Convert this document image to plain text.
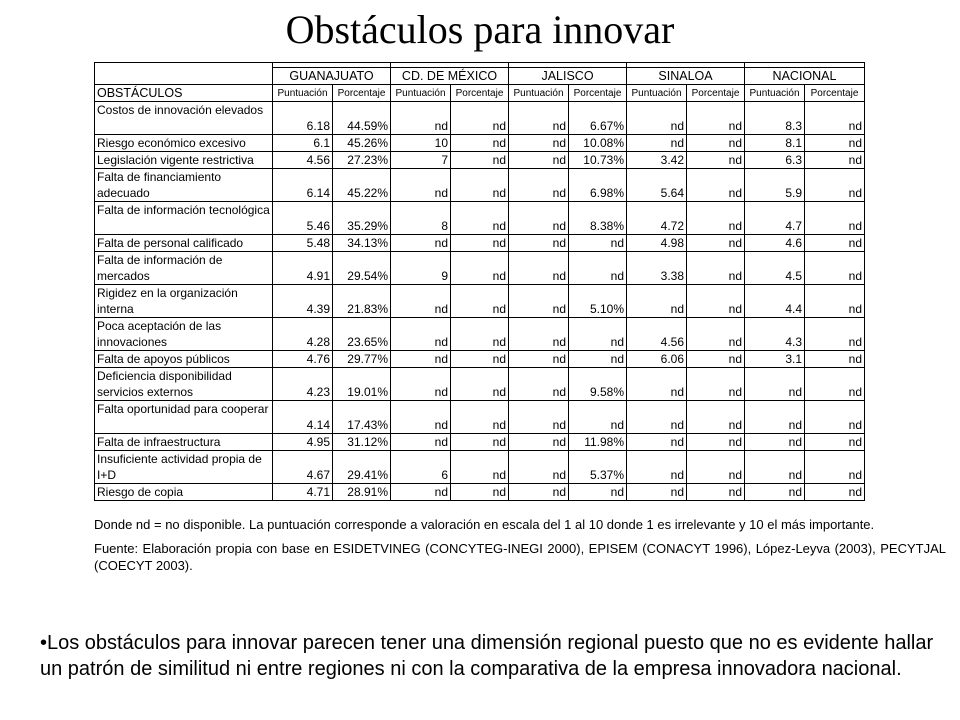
Obstáculos para innovar

	GUANAJUATO		CD. DE MÉXICO		JALISCO		SINALOA		NACIONAL	
OBSTÁCULOS	Puntuación	Porcentaje	Puntuación	Porcentaje	Puntuación	Porcentaje	Puntuación	Porcentaje	Puntuación	Porcentaje
Costos de innovación elevados	6.18	44.59%	nd	nd	nd	6.67%	nd	nd	8.3	nd
Riesgo económico excesivo	6.1	45.26%	10	nd	nd	10.08%	nd	nd	8.1	nd
Legislación vigente restrictiva	4.56	27.23%	7	nd	nd	10.73%	3.42	nd	6.3	nd
Falta de financiamiento adecuado	6.14	45.22%	nd	nd	nd	6.98%	5.64	nd	5.9	nd
Falta de información tecnológica	5.46	35.29%	8	nd	nd	8.38%	4.72	nd	4.7	nd
Falta de personal calificado	5.48	34.13%	nd	nd	nd	nd	4.98	nd	4.6	nd
Falta de información de mercados	4.91	29.54%	9	nd	nd	nd	3.38	nd	4.5	nd
Rigidez en la organización interna	4.39	21.83%	nd	nd	nd	5.10%	nd	nd	4.4	nd
Poca aceptación de las innovaciones	4.28	23.65%	nd	nd	nd	nd	4.56	nd	4.3	nd
Falta de apoyos públicos	4.76	29.77%	nd	nd	nd	nd	6.06	nd	3.1	nd
Deficiencia disponibilidad servicios externos	4.23	19.01%	nd	nd	nd	9.58%	nd	nd	nd	nd
Falta oportunidad para cooperar	4.14	17.43%	nd	nd	nd	nd	nd	nd	nd	nd
Falta de infraestructura	4.95	31.12%	nd	nd	nd	11.98%	nd	nd	nd	nd
Insuficiente actividad propia de I+D	4.67	29.41%	6	nd	nd	5.37%	nd	nd	nd	nd
Riesgo de copia	4.71	28.91%	nd	nd	nd	nd	nd	nd	nd	nd

Donde nd = no disponible. La puntuación corresponde a valoración en escala del 1 al 10 donde 1 es irrelevante y 10 el más importante.

Fuente: Elaboración propia con base en ESIDETVINEG (CONCYTEG-INEGI 2000), EPISEM (CONACYT 1996), López-Leyva (2003), PECYTJAL (COECYT 2003).

•Los obstáculos para innovar parecen tener una dimensión regional puesto que no es evidente hallar un patrón de similitud ni entre regiones ni con la comparativa de la empresa innovadora nacional.
